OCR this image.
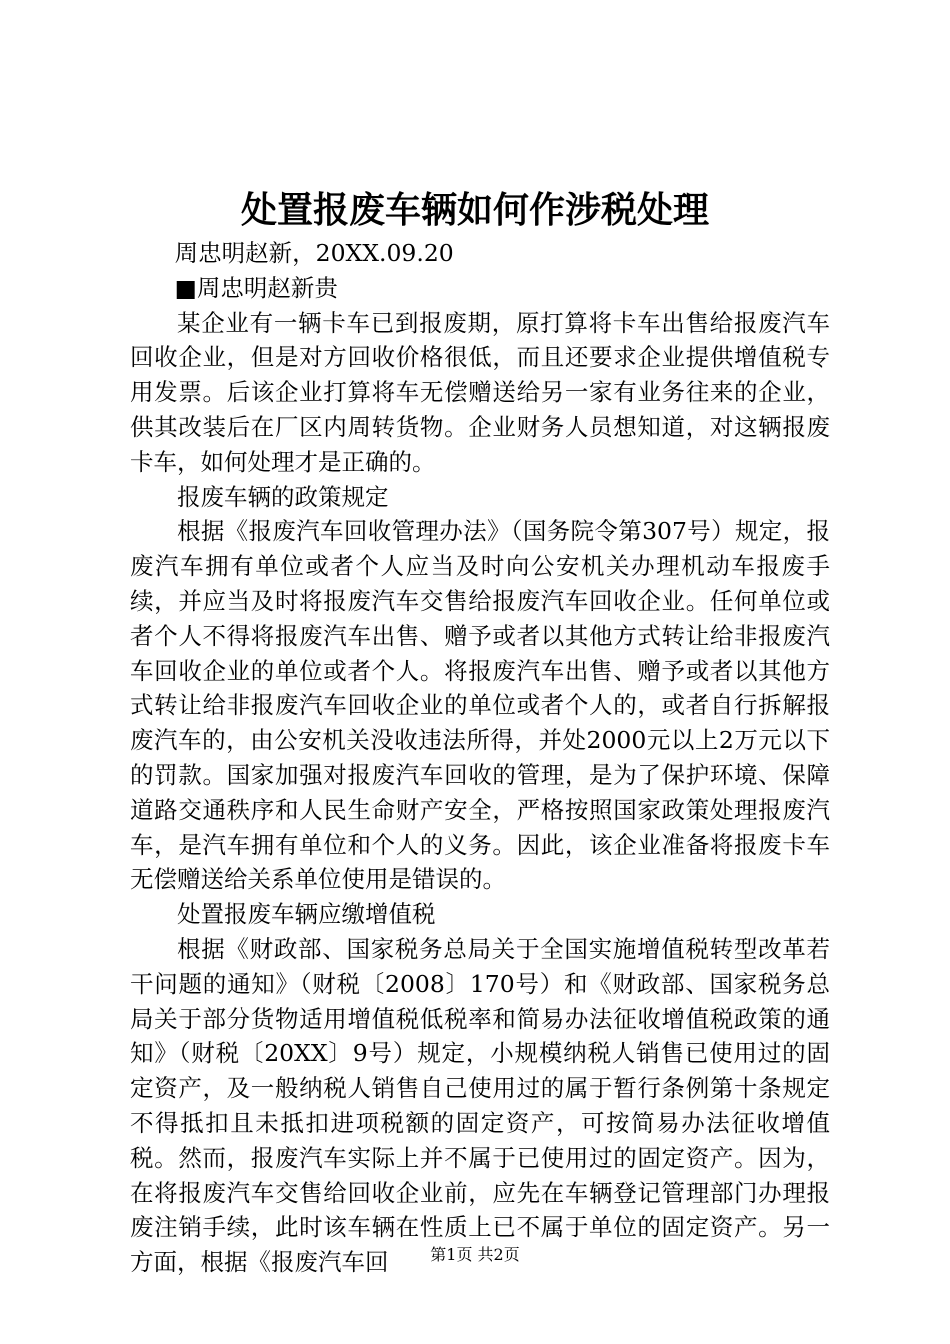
处置报废车辆如何作涉税处理

周忠明赵新，20XX.09.20

■周忠明赵新贵

某企业有一辆卡车已到报废期，原打算将卡车出售给报废汽车回收企业，但是对方回收价格很低，而且还要求企业提供增值税专用发票。后该企业打算将车无偿赠送给另一家有业务往来的企业，供其改装后在厂区内周转货物。企业财务人员想知道，对这辆报废卡车，如何处理才是正确的。

报废车辆的政策规定

根据《报废汽车回收管理办法》（国务院令第307号）规定，报废汽车拥有单位或者个人应当及时向公安机关办理机动车报废手续，并应当及时将报废汽车交售给报废汽车回收企业。任何单位或者个人不得将报废汽车出售、赠予或者以其他方式转让给非报废汽车回收企业的单位或者个人。将报废汽车出售、赠予或者以其他方式转让给非报废汽车回收企业的单位或者个人的，或者自行拆解报废汽车的，由公安机关没收违法所得，并处2000元以上2万元以下的罚款。国家加强对报废汽车回收的管理，是为了保护环境、保障道路交通秩序和人民生命财产安全，严格按照国家政策处理报废汽车，是汽车拥有单位和个人的义务。因此，该企业准备将报废卡车无偿赠送给关系单位使用是错误的。

处置报废车辆应缴增值税

根据《财政部、国家税务总局关于全国实施增值税转型改革若干问题的通知》（财税〔2008〕170号）和《财政部、国家税务总局关于部分货物适用增值税低税率和简易办法征收增值税政策的通知》（财税〔20XX〕9号）规定，小规模纳税人销售已使用过的固定资产，及一般纳税人销售自己使用过的属于暂行条例第十条规定不得抵扣且未抵扣进项税额的固定资产，可按简易办法征收增值税。然而，报废汽车实际上并不属于已使用过的固定资产。因为，在将报废汽车交售给回收企业前，应先在车辆登记管理部门办理报废注销手续，此时该车辆在性质上已不属于单位的固定资产。另一方面，根据《报废汽车回	第1页 共2页
